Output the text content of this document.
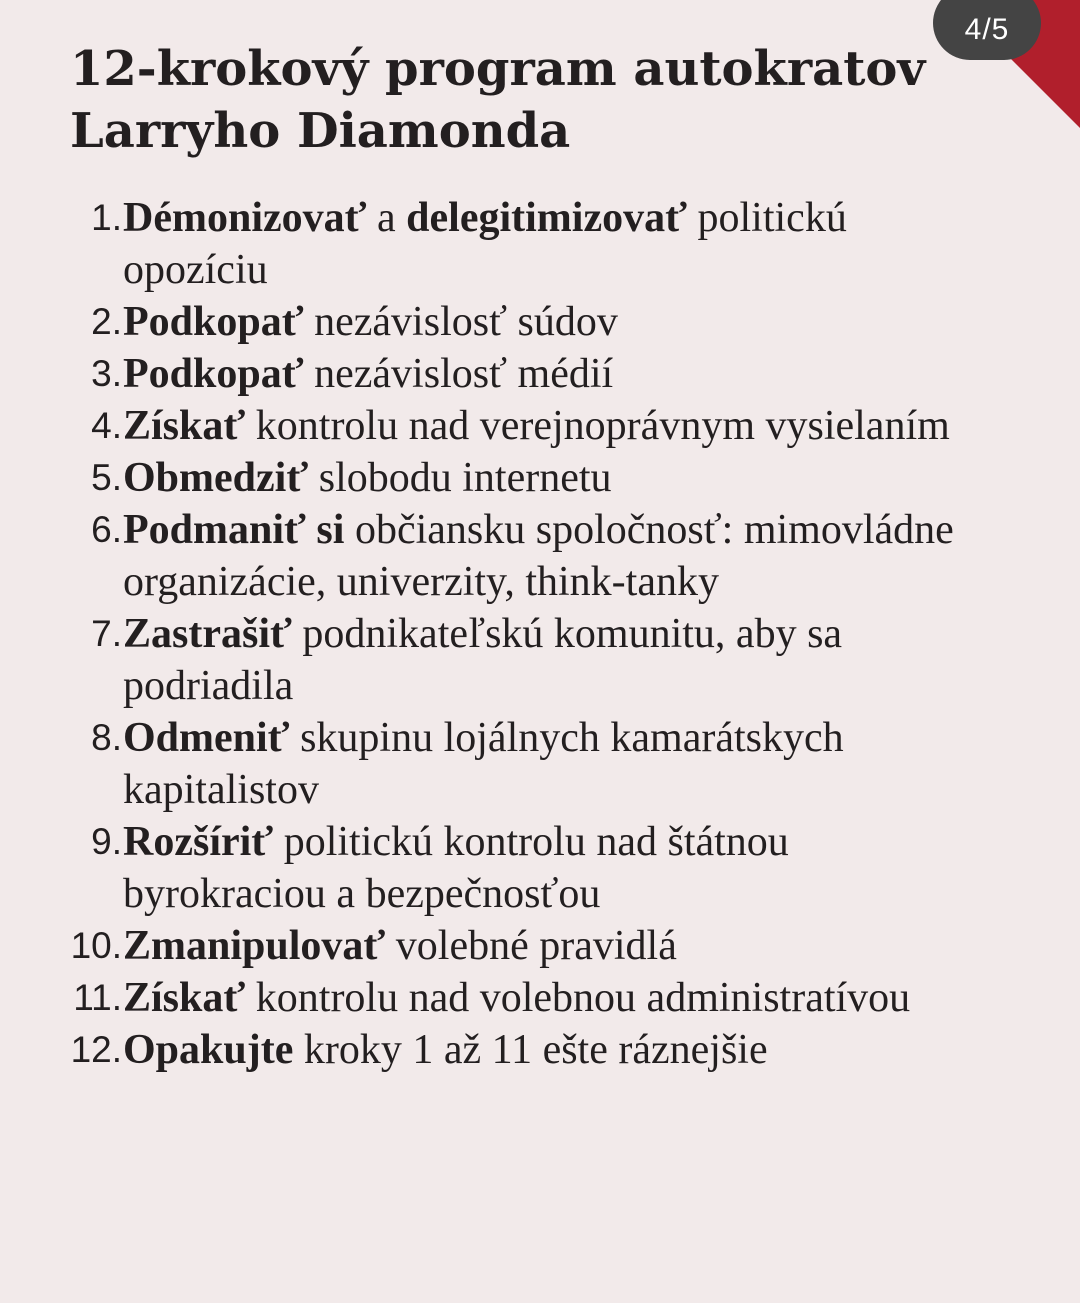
4/5
12-krokový program autokratov Larryho Diamonda
1. Démonizovať a delegitimizovať politickú opozíciu
2. Podkopať nezávislosť súdov
3. Podkopať nezávislosť médií
4. Získať kontrolu nad verejnoprávnym vysielaním
5. Obmedziť slobodu internetu
6. Podmaniť si občiansku spoločnosť: mimovládne organizácie, univerzity, think-tanky
7. Zastrašiť podnikateľskú komunitu, aby sa podriadila
8. Odmeniť skupinu lojálnych kamarátskych kapitalistov
9. Rozšíriť politickú kontrolu nad štátnou byrokraciou a bezpečnosťou
10. Zmanipulovať volebné pravidlá
11. Získať kontrolu nad volebnou administratívou
12. Opakujte kroky 1 až 11 ešte ráznejšie
